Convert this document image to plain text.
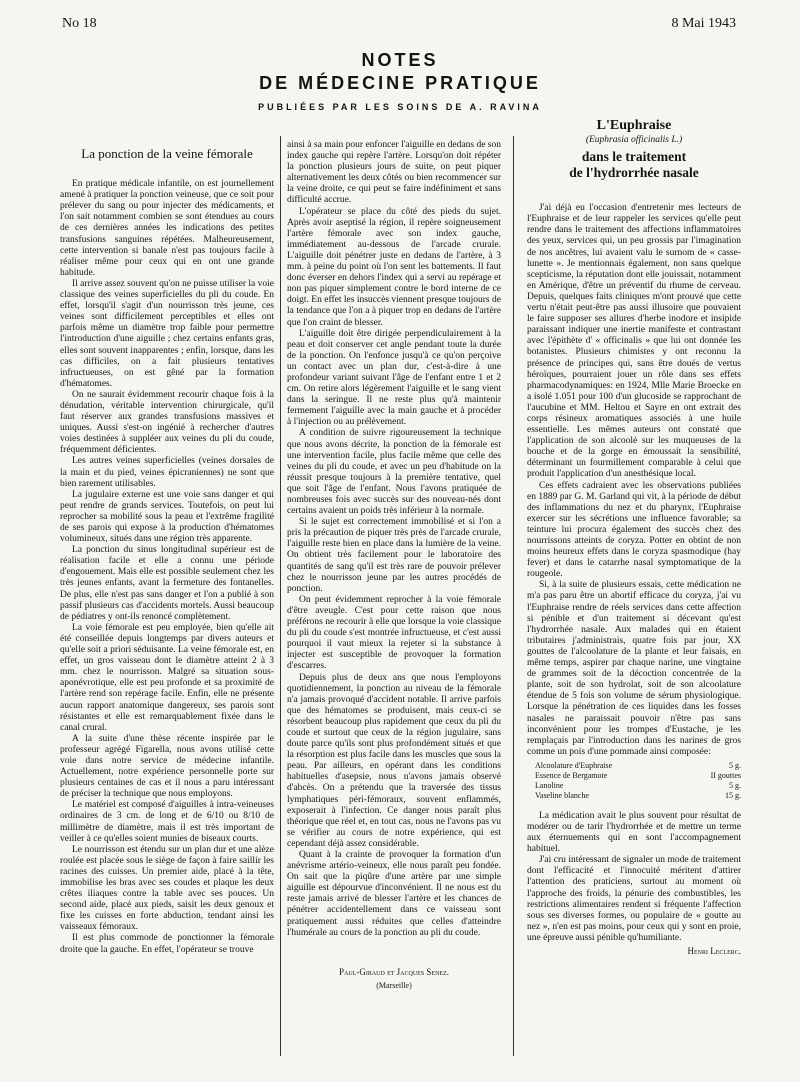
No 18	8 Mai 1943
NOTES
DE MÉDECINE PRATIQUE
PUBLIÉES PAR LES SOINS DE A. RAVINA
La ponction de la veine fémorale

En pratique médicale infantile, on est journellement amené à pratiquer la ponction veineuse, que ce soit pour prélever du sang ou pour injecter des médicaments, et l'on sait notamment combien se sont étendues au cours de ces dernières années les indications des petites transfusions sanguines répétées. Malheureusement, cette intervention si banale n'est pas toujours facile à réaliser même pour ceux qui en ont une grande habitude.

Il arrive assez souvent qu'on ne puisse utiliser la voie classique des veines superficielles du pli du coude. En effet, lorsqu'il s'agit d'un nourrisson très jeune, ces veines sont difficilement perceptibles et elles ont parfois même un diamètre trop faible pour permettre l'introduction d'une aiguille ; chez certains enfants gras, elles sont souvent inapparentes ; enfin, lorsque, dans les cas difficiles, on a fait plusieurs tentatives infructueuses, on est gêné par la formation d'hématomes.

On ne saurait évidemment recourir chaque fois à la dénudation, véritable intervention chirurgicale, qu'il faut réserver aux grandes transfusions massives et uniques. Aussi s'est-on ingénié à rechercher d'autres voies destinées à suppléer aux veines du pli du coude, fréquemment déficientes.

Les autres veines superficielles (veines dorsales de la main et du pied, veines épicraniennes) ne sont que bien rarement utilisables.

La jugulaire externe est une voie sans danger et qui peut rendre de grands services. Toutefois, on peut lui reprocher sa mobilité sous la peau et l'extrême fragilité de ses parois qui expose à la production d'hématomes volumineux, situés dans une région très apparente.

La ponction du sinus longitudinal supérieur est de réalisation facile et elle a connu une période d'engouement. Mais elle est possible seulement chez les très jeunes enfants, avant la fermeture des fontanelles. De plus, elle n'est pas sans danger et l'on a publié à son passif plusieurs cas d'accidents mortels. Aussi beaucoup de pédiatres y ont-ils renoncé complètement.

La voie fémorale est peu employée, bien qu'elle ait été conseillée depuis longtemps par divers auteurs et qu'elle soit a priori séduisante. La veine fémorale est, en effet, un gros vaisseau dont le diamètre atteint 2 à 3 mm. chez le nourrisson. Malgré sa situation sous-aponévrotique, elle est peu profonde et sa proximité de l'artère rend son repérage facile. Enfin, elle ne présente aucun rapport anatomique dangereux, ses parois sont résistantes et elle est remarquablement fixée dans le canal crural.

A la suite d'une thèse récente inspirée par le professeur agrégé Figarella, nous avons utilisé cette voie dans notre service de médecine infantile. Actuellement, notre expérience personnelle porte sur plusieurs centaines de cas et il nous a paru intéressant de préciser la technique que nous employons.

Le matériel est composé d'aiguilles à intra-veineuses ordinaires de 3 cm. de long et de 6/10 ou 8/10 de millimètre de diamètre, mais il est très important de veiller à ce qu'elles soient munies de biseaux courts.

Le nourrisson est étendu sur un plan dur et une alèze roulée est placée sous le siège de façon à faire saillir les racines des cuisses. Un premier aide, placé à la tête, immobilise les bras avec ses coudes et plaque les deux crêtes iliaques contre la table avec ses pouces. Un second aide, placé aux pieds, saisit les deux genoux et fixe les cuisses en forte abduction, tendant ainsi les vaisseaux fémoraux.

Il est plus commode de ponctionner la fémorale droite que la gauche. En effet, l'opérateur se trouve

ainsi à sa main pour enfoncer l'aiguille en dedans de son index gauche qui repère l'artère. Lorsqu'on doit répéter la ponction plusieurs jours de suite, on peut piquer alternativement les deux côtés ou bien recommencer sur la veine droite, ce qui peut se faire indéfiniment et sans difficulté accrue.

L'opérateur se place du côté des pieds du sujet. Après avoir aseptisé la région, il repère soigneusement l'artère fémorale avec son index gauche, immédiatement au-dessous de l'arcade crurale. L'aiguille doit pénétrer juste en dedans de l'artère, à 3 mm. à peine du point où l'on sent les battements. Il faut donc éverser en dehors l'index qui a servi au repérage et non pas piquer simplement contre le bord interne de ce doigt. En effet les insuccès viennent presque toujours de la tendance que l'on a à piquer trop en dedans de l'artère que l'on craint de blesser.

L'aiguille doit être dirigée perpendiculairement à la peau et doit conserver cet angle pendant toute la durée de la ponction. On l'enfonce jusqu'à ce qu'on perçoive un contact avec un plan dur, c'est-à-dire à une profondeur variant suivant l'âge de l'enfant entre 1 et 2 cm. On retire alors légèrement l'aiguille et le sang vient dans la seringue. Il ne reste plus qu'à maintenir fermement l'aiguille avec la main gauche et à procéder à l'injection ou au prélèvement.

A condition de suivre rigoureusement la technique que nous avons décrite, la ponction de la fémorale est une intervention facile, plus facile même que celle des veines du pli du coude, et avec un peu d'habitude on la réussit presque toujours à la première tentative, quel que soit l'âge de l'enfant. Nous l'avons pratiquée de nombreuses fois avec succès sur des nouveau-nés dont certains avaient un poids très inférieur à la normale.

Si le sujet est correctement immobilisé et si l'on a pris la précaution de piquer très près de l'arcade crurale, l'aiguille reste bien en place dans la lumière de la veine. On obtient très facilement pour le laboratoire des quantités de sang qu'il est très rare de pouvoir prélever chez le nourrisson jeune par les autres procédés de ponction.

On peut évidemment reprocher à la voie fémorale d'être aveugle. C'est pour cette raison que nous préférons ne recourir à elle que lorsque la voie classique du pli du coude s'est montrée infructueuse, et c'est aussi pourquoi il vaut mieux la rejeter si la substance à injecter est susceptible de provoquer la formation d'escarres.

Depuis plus de deux ans que nous l'employons quotidiennement, la ponction au niveau de la fémorale n'a jamais provoqué d'accident notable. Il arrive parfois que des hématomes se produisent, mais ceux-ci se résorbent beaucoup plus rapidement que ceux du pli du coude et surtout que ceux de la région jugulaire, sans doute parce qu'ils sont plus profondément situés et que la résorption est plus facile dans les muscles que sous la peau. Par ailleurs, en opérant dans les conditions habituelles d'asepsie, nous n'avons jamais observé d'abcès. On a prétendu que la traversée des tissus lymphatiques péri-fémoraux, souvent enflammés, exposerait à l'infection. Ce danger nous paraît plus théorique que réel et, en tout cas, nous ne l'avons pas vu se vérifier au cours de notre expérience, qui est cependant déjà assez considérable.

Quant à la crainte de provoquer la formation d'un anévrisme artério-veineux, elle nous paraît peu fondée. On sait que la piqûre d'une artère par une simple aiguille est dépourvue d'inconvénient. Il ne nous est du reste jamais arrivé de blesser l'artère et les chances de pénétrer accidentellement dans ce vaisseau sont pratiquement aussi réduites que celles d'atteindre l'humérale au cours de la ponction au pli du coude.

Paul-Giraud et Jacques Senez.
(Marseille)
L'Euphraise
(Euphrasia officinalis L.)
dans le traitement
de l'hydrorrhée nasale

J'ai déjà eu l'occasion d'entretenir mes lecteurs de l'Euphraise et de leur rappeler les services qu'elle peut rendre dans le traitement des affections inflammatoires des yeux, services qui, un peu grossis par l'imagination de nos ancêtres, lui avaient valu le surnom de « casse-lunette ». Je mentionnais également, non sans quelque scepticisme, la réputation dont elle jouissait, notamment en Amérique, d'être un préventif du rhume de cerveau. Depuis, quelques faits cliniques m'ont prouvé que cette vertu n'était peut-être pas aussi illusoire que pouvaient le faire supposer ses allures d'herbe inodore et insipide paraissant indiquer une inertie manifeste et contrastant avec l'épithète d' « officinalis » que lui ont donnée les botanistes. Plusieurs chimistes y ont reconnu la présence de principes qui, sans être doués de vertus héroïques, pourraient jouer un rôle dans ses effets pharmacodynamiques: en 1924, Mlle Marie Broecke en a isolé 1.051 pour 100 d'un glucoside se rapprochant de l'aucubine et MM. Heltou et Sayre en ont extrait des corps résineux aromatiques associés à une huile essentielle. Les mêmes auteurs ont constaté que l'application de son alcoolé sur les muqueuses de la bouche et de la gorge en émoussait la sensibilité, déterminant un fourmillement comparable à celui que produit l'application d'un anesthésique local.

Ces effets cadraient avec les observations publiées en 1889 par G. M. Garland qui vit, à la période de début des inflammations du nez et du pharynx, l'Euphraise exercer sur les sécrétions une influence favorable; sa teinture lui procura également des succès chez des nourrissons atteints de coryza. Potter en obtint de non moins heureux effets dans le coryza spasmodique (hay fever) et dans le catarrhe nasal symptomatique de la rougeole.

Si, à la suite de plusieurs essais, cette médication ne m'a pas paru être un abortif efficace du coryza, j'ai vu l'Euphraise rendre de réels services dans cette affection si pénible et d'un traitement si décevant qu'est l'hydrorrhée nasale. Aux malades qui en étaient tributaires j'administrais, quatre fois par jour, XX gouttes de l'alcoolature de la plante et leur faisais, en même temps, aspirer par chaque narine, une vingtaine de grammes soit de la décoction concentrée de la plante, soit de son hydrolat, soit de son alcoolature étendue de 5 fois son volume de sérum physiologique. Lorsque la pénétration de ces liquides dans les fosses nasales ne paraissait pouvoir n'être pas sans inconvénient pour les trompes d'Eustache, je les remplaçais par l'introduction dans les narines de gros comme un pois d'une pommade ainsi composée:

Alcoolature d'Euphraise	5 g.
Essence de Bergamote	II gouttes
Lanoline	5 g.
Vaseline blanche	15 g.

La médication avait le plus souvent pour résultat de modérer ou de tarir l'hydrorrhée et de mettre un terme aux éternuements qui en sont l'accompagnement habituel.

J'ai cru intéressant de signaler un mode de traitement dont l'efficacité et l'innocuité méritent d'attirer l'attention des praticiens, surtout au moment où l'approche des froids, la pénurie des combustibles, les restrictions alimentaires rendent si fréquente l'affection sous ses diverses formes, ou populaire de « goutte au nez », n'en est pas moins, pour ceux qui y sont en proie, une épreuve aussi pénible qu'humiliante.

Henri Leclerc.
